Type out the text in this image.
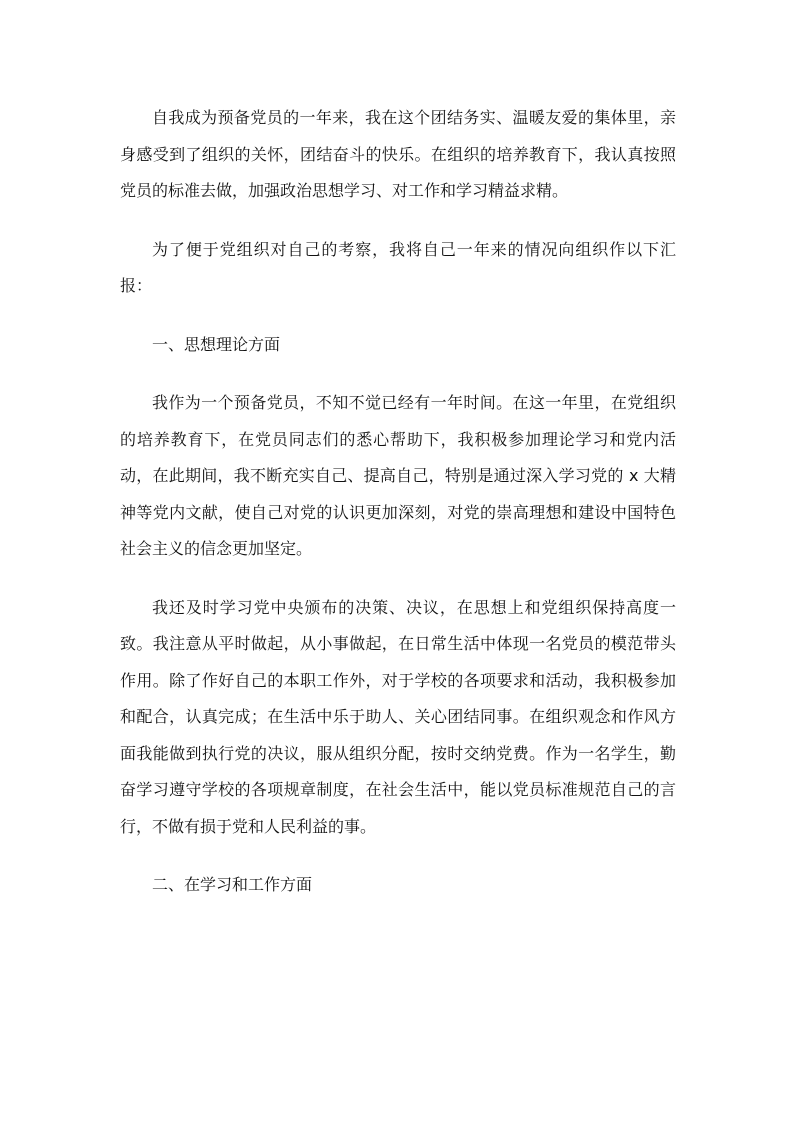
自我成为预备党员的一年来，我在这个团结务实、温暖友爱的集体里，亲身感受到了组织的关怀，团结奋斗的快乐。在组织的培养教育下，我认真按照党员的标准去做，加强政治思想学习、对工作和学习精益求精。

为了便于党组织对自己的考察，我将自己一年来的情况向组织作以下汇报：

一、思想理论方面

我作为一个预备党员，不知不觉已经有一年时间。在这一年里，在党组织的培养教育下，在党员同志们的悉心帮助下，我积极参加理论学习和党内活动，在此期间，我不断充实自己、提高自己，特别是通过深入学习党的 x 大精神等党内文献，使自己对党的认识更加深刻，对党的崇高理想和建设中国特色社会主义的信念更加坚定。

我还及时学习党中央颁布的决策、决议，在思想上和党组织保持高度一致。我注意从平时做起，从小事做起，在日常生活中体现一名党员的模范带头作用。除了作好自己的本职工作外，对于学校的各项要求和活动，我积极参加和配合，认真完成；在生活中乐于助人、关心团结同事。在组织观念和作风方面我能做到执行党的决议，服从组织分配，按时交纳党费。作为一名学生，勤奋学习遵守学校的各项规章制度，在社会生活中，能以党员标准规范自己的言行，不做有损于党和人民利益的事。

二、在学习和工作方面
